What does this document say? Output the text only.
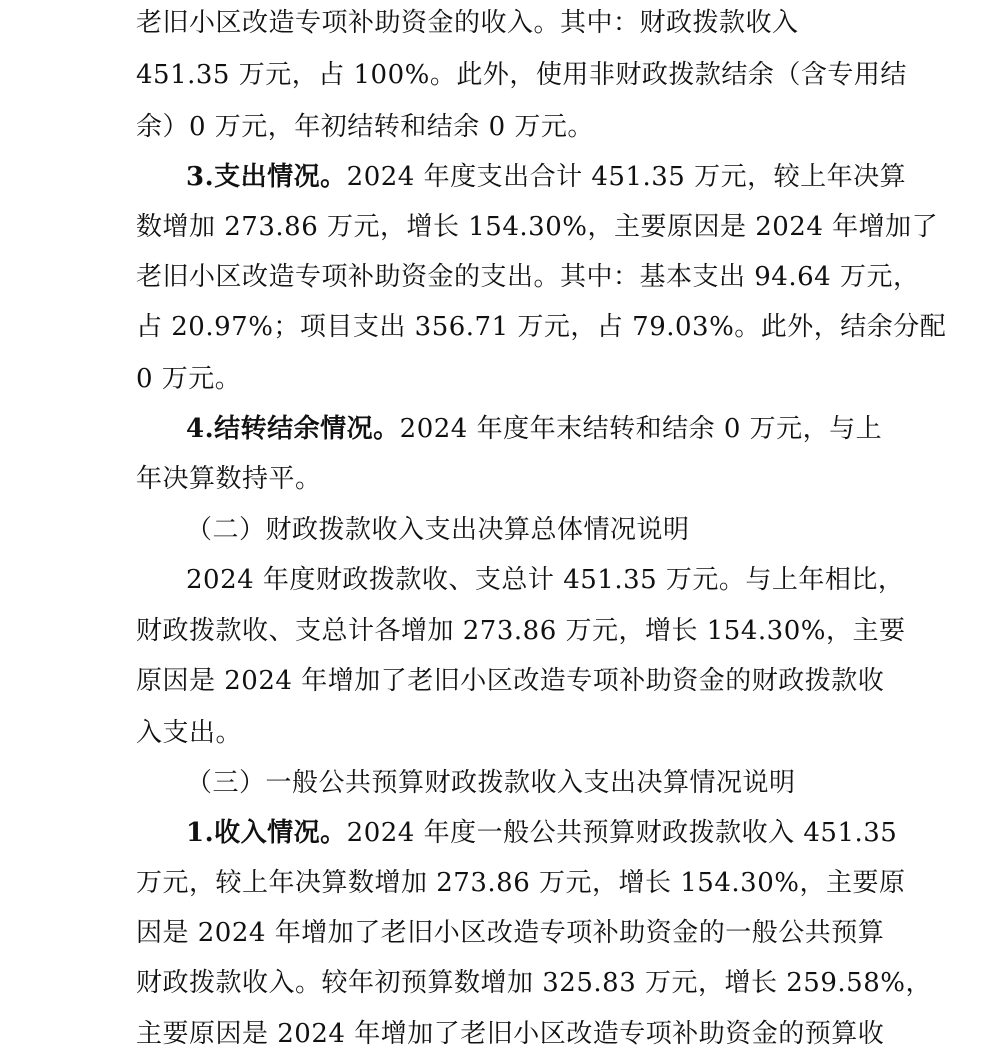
老旧小区改造专项补助资金的收入。其中：财政拨款收入
451.35 万元，占 100%。此外，使用非财政拨款结余（含专用结
余）0 万元，年初结转和结余 0 万元。
3.支出情况。2024 年度支出合计 451.35 万元，较上年决算
数增加 273.86 万元，增长 154.30%，主要原因是 2024 年增加了
老旧小区改造专项补助资金的支出。其中：基本支出 94.64 万元，
占 20.97%；项目支出 356.71 万元，占 79.03%。此外，结余分配
0 万元。
4.结转结余情况。2024 年度年末结转和结余 0 万元，与上
年决算数持平。
（二）财政拨款收入支出决算总体情况说明
2024 年度财政拨款收、支总计 451.35 万元。与上年相比，
财政拨款收、支总计各增加 273.86 万元，增长 154.30%，主要
原因是 2024 年增加了老旧小区改造专项补助资金的财政拨款收
入支出。
（三）一般公共预算财政拨款收入支出决算情况说明
1.收入情况。2024 年度一般公共预算财政拨款收入 451.35
万元，较上年决算数增加 273.86 万元，增长 154.30%，主要原
因是 2024 年增加了老旧小区改造专项补助资金的一般公共预算
财政拨款收入。较年初预算数增加 325.83 万元，增长 259.58%，
主要原因是 2024 年增加了老旧小区改造专项补助资金的预算收
